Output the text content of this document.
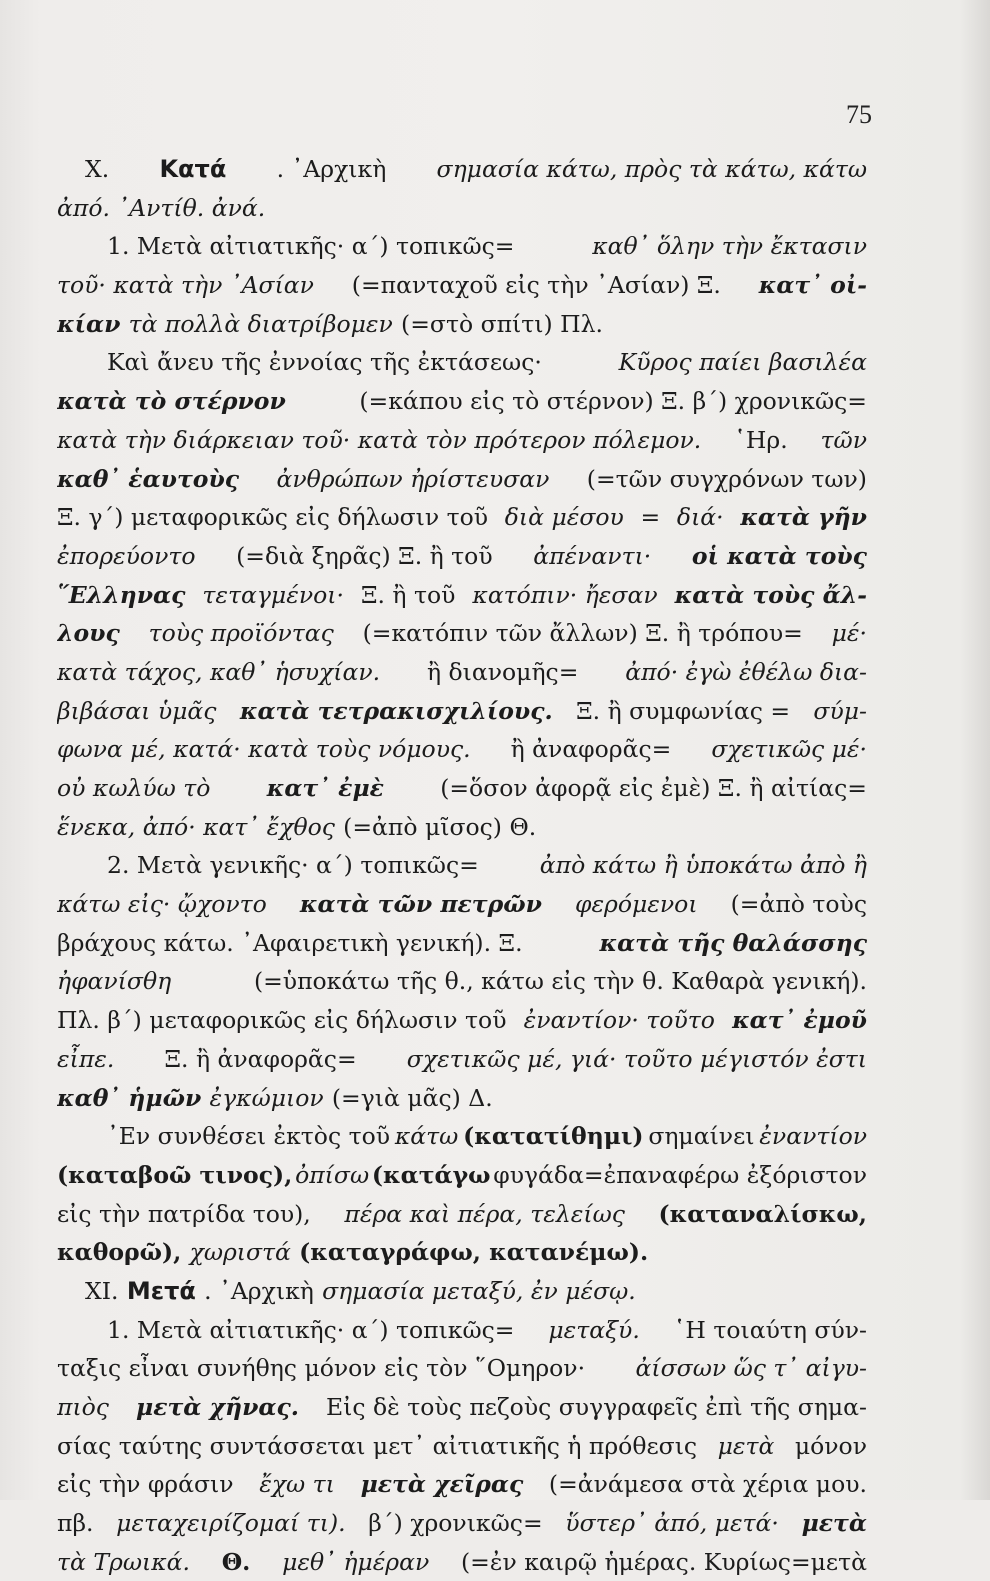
75
X. Κατά . ᾿Αρχικὴ σημασία κάτω, πρὸς τὰ κάτω, κάτω
ἀπό. ᾿Αντίθ. ἀνά.
1. Μετὰ αἰτιατικῆς· α΄) τοπικῶς=	καθ᾿ ὅλην τὴν ἔκτασιν
τοῦ· κατὰ τὴν ᾿Ασίαν (=πανταχοῦ εἰς τὴν ᾿Ασίαν) Ξ. κατ᾿ οἰ-
κίαν τὰ πολλὰ διατρίβομεν (=στὸ σπίτι) Πλ.
Καὶ ἄνευ τῆς ἐννοίας τῆς ἐκτάσεως·	Κῦρος παίει βασιλέα
κατὰ τὸ στέρνον	(=κάπου εἰς τὸ στέρνον) Ξ. β΄) χρονικῶς=
κατὰ τὴν διάρκειαν τοῦ· κατὰ τὸν πρότερον πόλεμον. ῾Ηρ. τῶν
καθ᾿ ἑαυτοὺς ἀνθρώπων ἠρίστευσαν (=τῶν συγχρόνων των)
Ξ. γ΄) μεταφορικῶς εἰς δήλωσιν τοῦ διὰ μέσου = διά· κατὰ γῆν
ἐπορεύοντο (=διὰ ξηρᾶς) Ξ. ἢ τοῦ ἀπέναντι· οἱ κατὰ τοὺς
῞Ελληνας τεταγμένοι· Ξ. ἢ τοῦ κατόπιν· ἤεσαν κατὰ τοὺς ἄλ-
λους τοὺς προϊόντας (=κατόπιν τῶν ἄλλων) Ξ. ἢ τρόπου= μέ·
κατὰ τάχος, καθ᾿ ἡσυχίαν. ἢ διανομῆς= ἀπό· ἐγὼ ἐθέλω δια-
βιβάσαι ὑμᾶς κατὰ τετρακισχιλίους. Ξ. ἢ συμφωνίας = σύμ-
φωνα μέ, κατά· κατὰ τοὺς νόμους. ἢ ἀναφορᾶς= σχετικῶς μέ·
οὐ κωλύω τὸ κατ᾿ ἐμὲ (=ὅσον ἀφορᾷ εἰς ἐμὲ) Ξ. ἢ αἰτίας=
ἕνεκα, ἀπό· κατ᾿ ἔχθος (=ἀπὸ μῖσος) Θ.
2. Μετὰ γενικῆς· α΄) τοπικῶς=	ἀπὸ κάτω ἢ ὑποκάτω ἀπὸ ἢ
κάτω εἰς· ᾤχοντο κατὰ τῶν πετρῶν φερόμενοι (=ἀπὸ τοὺς
βράχους κάτω. ᾿Αφαιρετικὴ γενική). Ξ.	κατὰ τῆς θαλάσσης
ἠφανίσθη	(=ὑποκάτω τῆς θ., κάτω εἰς τὴν θ. Καθαρὰ γενική).
Πλ. β΄) μεταφορικῶς εἰς δήλωσιν τοῦ ἐναντίον· τοῦτο κατ᾿ ἐμοῦ
εἶπε. Ξ. ἢ ἀναφορᾶς= σχετικῶς μέ, γιά· τοῦτο μέγιστόν ἐστι
καθ᾿ ἡμῶν ἐγκώμιον (=γιὰ μᾶς) Δ.
᾿Εν συνθέσει ἐκτὸς τοῦ κάτω (κατατίθημι) σημαίνει ἐναντίον
(καταβοῶ τινος), ὀπίσω (κατάγω φυγάδα=ἐπαναφέρω ἐξόριστον
εἰς τὴν πατρίδα του), πέρα καὶ πέρα, τελείως (καταναλίσκω,
καθορῶ), χωριστά (καταγράφω, κατανέμω).
XI. Μετά . ᾿Αρχικὴ σημασία μεταξύ, ἐν μέσῳ.
1. Μετὰ αἰτιατικῆς· α΄) τοπικῶς= μεταξύ. ῾Η τοιαύτη σύν-
ταξις εἶναι συνήθης μόνον εἰς τὸν ῞Ομηρον· ἀίσσων ὥς τ᾿ αἰγυ-
πιὸς μετὰ χῆνας. Εἰς δὲ τοὺς πεζοὺς συγγραφεῖς ἐπὶ τῆς σημα-
σίας ταύτης συντάσσεται μετ᾿ αἰτιατικῆς ἡ πρόθεσις μετὰ μόνον
εἰς τὴν φράσιν ἔχω τι μετὰ χεῖρας (=ἀνάμεσα στὰ χέρια μου.
πβ. μεταχειρίζομαί τι). β΄) χρονικῶς= ὕστερ᾿ ἀπό, μετά· μετὰ
τὰ Τρωικά. Θ. μεθ᾿ ἡμέραν (=ἐν καιρῷ ἡμέρας. Κυρίως=μετὰ
